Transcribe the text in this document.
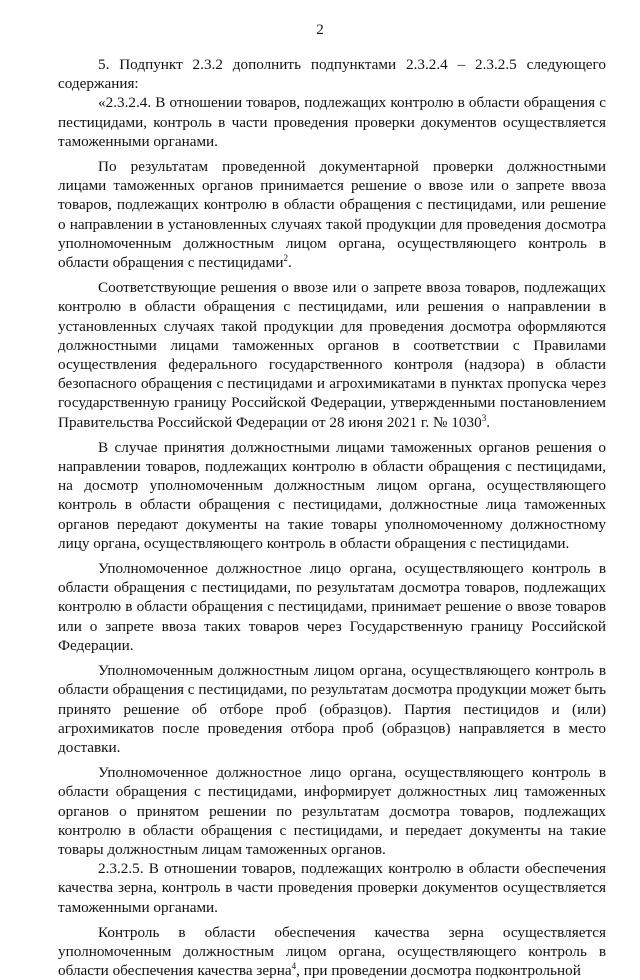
2

5. Подпункт 2.3.2 дополнить подпунктами 2.3.2.4 – 2.3.2.5 следующего содержания:

«2.3.2.4. В отношении товаров, подлежащих контролю в области обращения с пестицидами, контроль в части проведения проверки документов осуществляется таможенными органами.

По результатам проведенной документарной проверки должностными лицами таможенных органов принимается решение о ввозе или о запрете ввоза товаров, подлежащих контролю в области обращения с пестицидами, или решение о направлении в установленных случаях такой продукции для проведения досмотра уполномоченным должностным лицом органа, осуществляющего контроль в области обращения с пестицидами$^2$.

Соответствующие решения о ввозе или о запрете ввоза товаров, подлежащих контролю в области обращения с пестицидами, или решения о направлении в установленных случаях такой продукции для проведения досмотра оформляются должностными лицами таможенных органов в соответствии с Правилами осуществления федерального государственного контроля (надзора) в области безопасного обращения с пестицидами и агрохимикатами в пунктах пропуска через государственную границу Российской Федерации, утвержденными постановлением Правительства Российской Федерации от 28 июня 2021 г. № 1030$^3$.

В случае принятия должностными лицами таможенных органов решения о направлении товаров, подлежащих контролю в области обращения с пестицидами, на досмотр уполномоченным должностным лицом органа, осуществляющего контроль в области обращения с пестицидами, должностные лица таможенных органов передают документы на такие товары уполномоченному должностному лицу органа, осуществляющего контроль в области обращения с пестицидами.

Уполномоченное должностное лицо органа, осуществляющего контроль в области обращения с пестицидами, по результатам досмотра товаров, подлежащих контролю в области обращения с пестицидами, принимает решение о ввозе товаров или о запрете ввоза таких товаров через Государственную границу Российской Федерации.

Уполномоченным должностным лицом органа, осуществляющего контроль в области обращения с пестицидами, по результатам досмотра продукции может быть принято решение об отборе проб (образцов). Партия пестицидов и (или) агрохимикатов после проведения отбора проб (образцов) направляется в место доставки.

Уполномоченное должностное лицо органа, осуществляющего контроль в области обращения с пестицидами, информирует должностных лиц таможенных органов о принятом решении по результатам досмотра товаров, подлежащих контролю в области обращения с пестицидами, и передает документы на такие товары должностным лицам таможенных органов.

2.3.2.5. В отношении товаров, подлежащих контролю в области обеспечения качества зерна, контроль в части проведения проверки документов осуществляется таможенными органами.

Контроль в области обеспечения качества зерна осуществляется уполномоченным должностным лицом органа, осуществляющего контроль в области обеспечения качества зерна$^4$, при проведении досмотра подконтрольной
